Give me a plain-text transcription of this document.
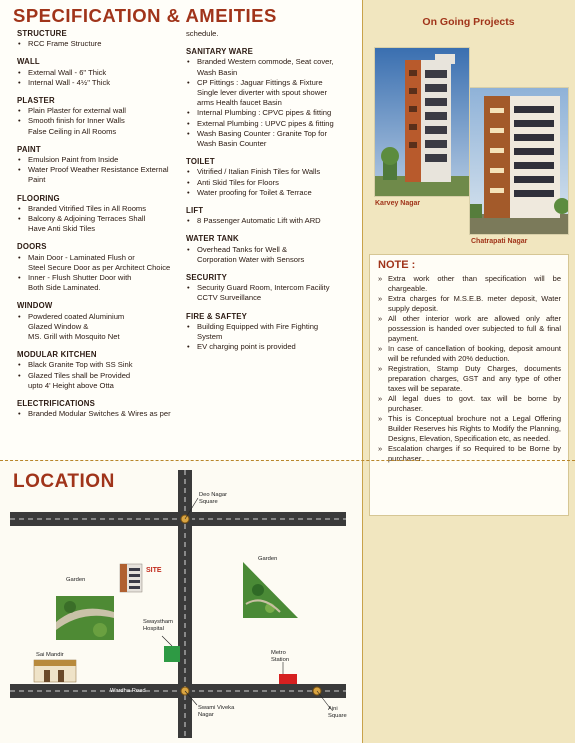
SPECIFICATION & AMEITIES
STRUCTURE
• RCC Frame Structure
WALL
• External Wall - 6" Thick
• Internal Wall - 4½" Thick
PLASTER
• Plain Plaster for external wall
• Smooth finish for Inner Walls
False Ceiling in All Rooms
PAINT
• Emulsion Paint from Inside
• Water Proof Weather Resistance External
Paint
FLOORING
• Branded Vitrified Tiles in All Rooms
• Balcony & Adjoining Terraces Shall
Have Anti Skid Tiles
DOORS
• Main Door - Laminated Flush or
Steel Secure Door as per Architect Choice
• Inner - Flush Shutter Door with
Both Side Laminated.
WINDOW
• Powdered coated Aluminium
Glazed Window &
MS. Grill with Mosquito Net
MODULAR KITCHEN
• Black Granite Top with SS Sink
• Glazed Tiles shall be Provided
upto 4' Height above Otta
ELECTRIFICATIONS
• Branded Modular Switches & Wires as per
schedule.
SANITARY WARE
• Branded Western commode, Seat cover,
Wash Basin
• CP Fittings : Jaguar Fittings & Fixture
Single lever diverter with spout shower
arms Health faucet Basin
• Internal Plumbing : CPVC pipes & fitting
• External Plumbing : UPVC pipes & fitting
• Wash Basing Counter : Granite Top for
Wash Basin Counter
TOILET
• Vitrified / Italian Finish Tiles for Walls
• Anti Skid Tiles for Floors
• Water proofing for Toilet & Terrace
LIFT
• 8 Passenger Automatic Lift with ARD
WATER TANK
• Overhead Tanks for Well &
Corporation Water with Sensors
SECURITY
• Security Guard Room, Intercom Facility
CCTV Surveillance
FIRE & SAFTEY
• Building Equipped with Fire Fighting
System
• EV charging point is provided
On Going Projects
Karvey Nagar
Chatrapati Nagar
NOTE :
» Extra work other than specification will be chargeable.
» Extra charges for M.S.E.B. meter deposit, Water supply deposit.
» All other interior work are allowed only after possession is handed over subjected to full & final payment.
» In case of cancellation of booking, deposit amount will be refunded with 20% deduction.
» Registration, Stamp Duty Charges, documents preparation charges, GST and any type of other taxes will be separate.
» All legal dues to govt. tax will be borne by purchaser.
» This is Conceptual brochure not a Legal Offering Builder Reserves his Rights to Modify the Planning, Designs, Elevation, Specification etc, as needed.
» Escalation charges if so Required to be Borne by purchaser.
LOCATION
Deo Nagar
Square
Garden
SITE
Swaystham
Hospital
Sai Mandir
Wardha Road
Metro
Station
Swami Viveka
Nagar
Ajni
Square
Garden
